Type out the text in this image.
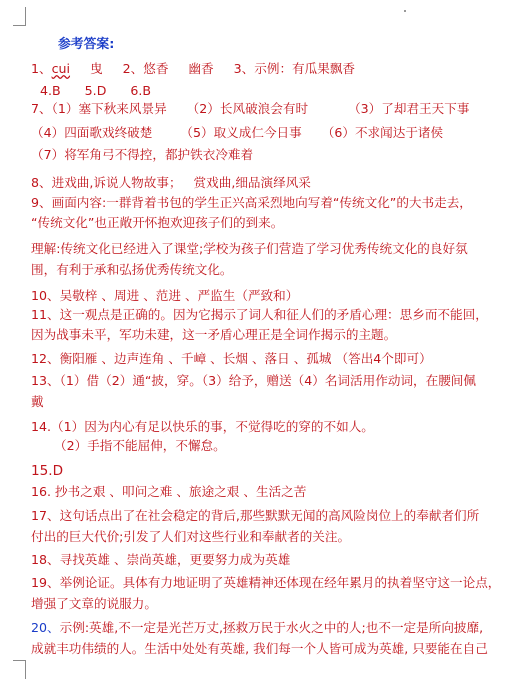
参考答案:
1、cui 曳     2、悠香     幽香     3、示例：有瓜果飘香
4.B      5.D      6.B
7、（1）塞下秋来风景异     （2）长风破浪会有时          （3）了却君王天下事
（4）四面歌戏终破楚       （5）取义成仁今日事     （6）不求闻达于诸侯
（7）将军角弓不得控，都护铁衣冷难着
8、进戏曲,诉说人物故事；   赏戏曲,细品演绎风采
9、画面内容:一群背着书包的学生正兴高采烈地向写着“传统文化”的大书走去，
“传统文化”也正敞开怀抱欢迎孩子们的到来。
理解:传统文化已经进入了课堂;学校为孩子们营造了学习优秀传统文化的良好氛
围，有利于承和弘扬优秀传统文化。
10、吴敬梓 、周进 、范进 、严监生（严致和）
11、这一观点是正确的。因为它揭示了词人和征人们的矛盾心理：思乡而不能回，
因为战事未平，军功未建，这一矛盾心理正是全词作揭示的主题。
12、衡阳雁 、边声连角 、千嶂 、长烟 、落日 、孤城 （答出4个即可）
13、（1）借（2）通“披，穿。（3）给予，赠送（4）名词活用作动词，在腰间佩
戴
14.（1）因为内心有足以快乐的事，不觉得吃的穿的不如人。
（2）手指不能屈伸，不懈怠。
15.D
16. 抄书之艰 、叩问之难 、旅途之艰 、生活之苦
17、这句话点出了在社会稳定的背后,那些默默无闻的高风险岗位上的奉献者们所
付出的巨大代价;引发了人们对这些行业和奉献者的关注。
18、寻找英雄 、崇尚英雄，更要努力成为英雄
19、举例论证。具体有力地证明了英雄精神还体现在经年累月的执着坚守这一论点，
增强了文章的说服力。
20、示例:英雄,不一定是光芒万丈,拯救万民于水火之中的人;也不一定是所向披靡,
成就丰功伟绩的人。生活中处处有英雄, 我们每一个人皆可成为英雄, 只要能在自己
